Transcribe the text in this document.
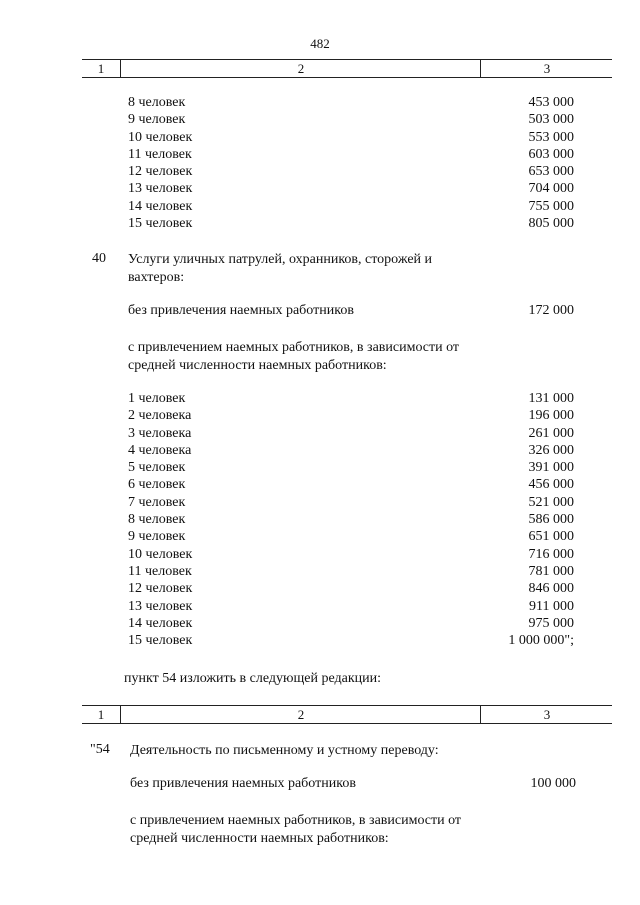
482
1	2	3
8 человек	453 000
9 человек	503 000
10 человек	553 000
11 человек	603 000
12 человек	653 000
13 человек	704 000
14 человек	755 000
15 человек	805 000
40 Услуги уличных патрулей, охранников, сторожей и вахтеров:
без привлечения наемных работников	172 000
с привлечением наемных работников, в зависимости от средней численности наемных работников:
1 человек	131 000
2 человека	196 000
3 человека	261 000
4 человека	326 000
5 человек	391 000
6 человек	456 000
7 человек	521 000
8 человек	586 000
9 человек	651 000
10 человек	716 000
11 человек	781 000
12 человек	846 000
13 человек	911 000
14 человек	975 000
15 человек	1 000 000";
пункт 54 изложить в следующей редакции:
1	2	3
"54 Деятельность по письменному и устному переводу:
без привлечения наемных работников	100 000
с привлечением наемных работников, в зависимости от средней численности наемных работников:
